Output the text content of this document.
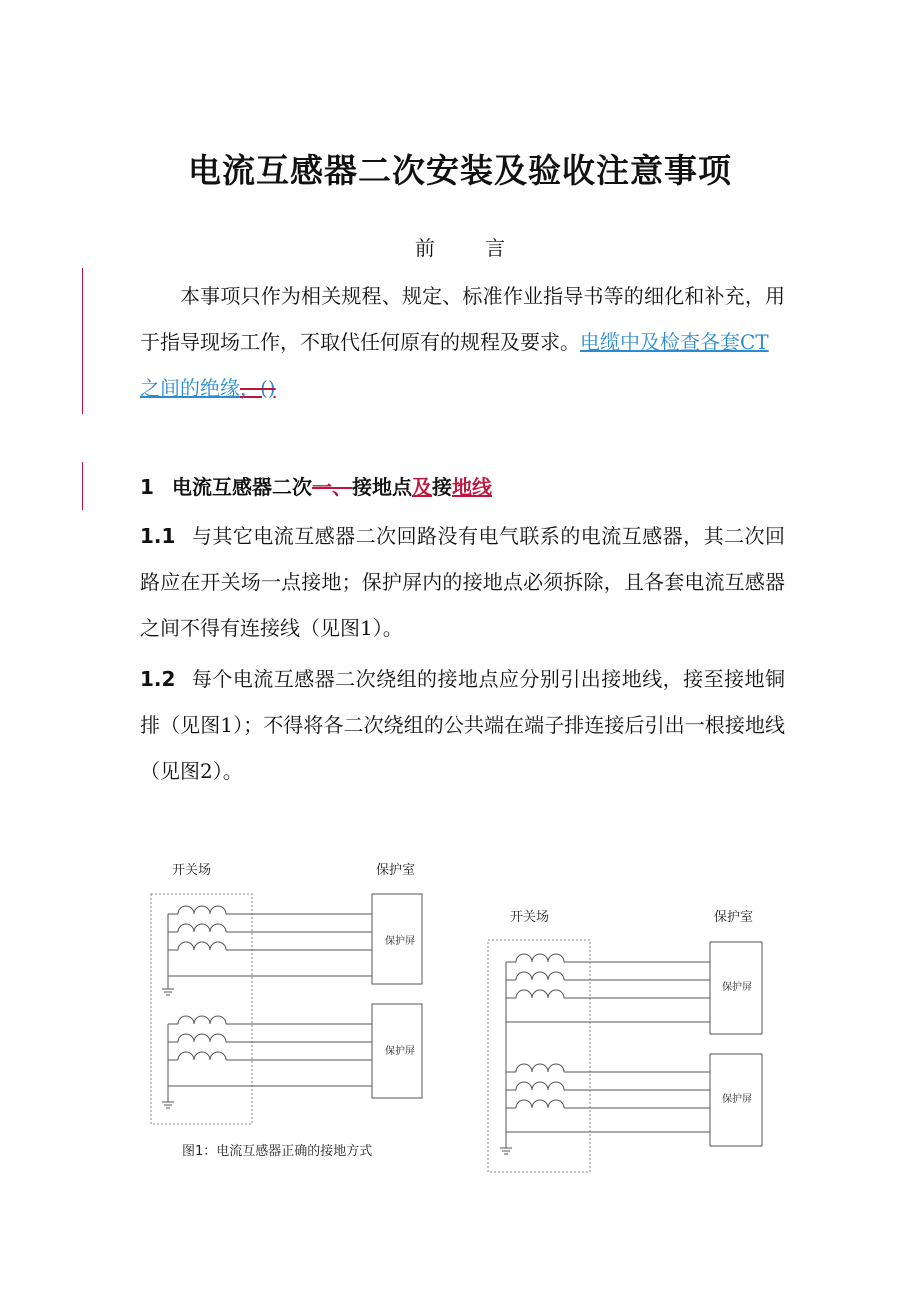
电流互感器二次安装及验收注意事项
前 言
本事项只作为相关规程、规定、标准作业指导书等的细化和补充，用于指导现场工作，不取代任何原有的规程及要求。电缆中及检查各套CT
之间的绝缘，()
1 电流互感器二次一、接地点及接地线
1.1 与其它电流互感器二次回路没有电气联系的电流互感器，其二次回路应在开关场一点接地；保护屏内的接地点必须拆除，且各套电流互感器之间不得有连接线（见图1）。
1.2 每个电流互感器二次绕组的接地点应分别引出接地线，接至接地铜排（见图1）；不得将各二次绕组的公共端在端子排连接后引出一根接地线（见图2）。
开关场	保护室
保护屏
保护屏
图1：电流互感器正确的接地方式
开关场	保护室
保护屏
保护屏
